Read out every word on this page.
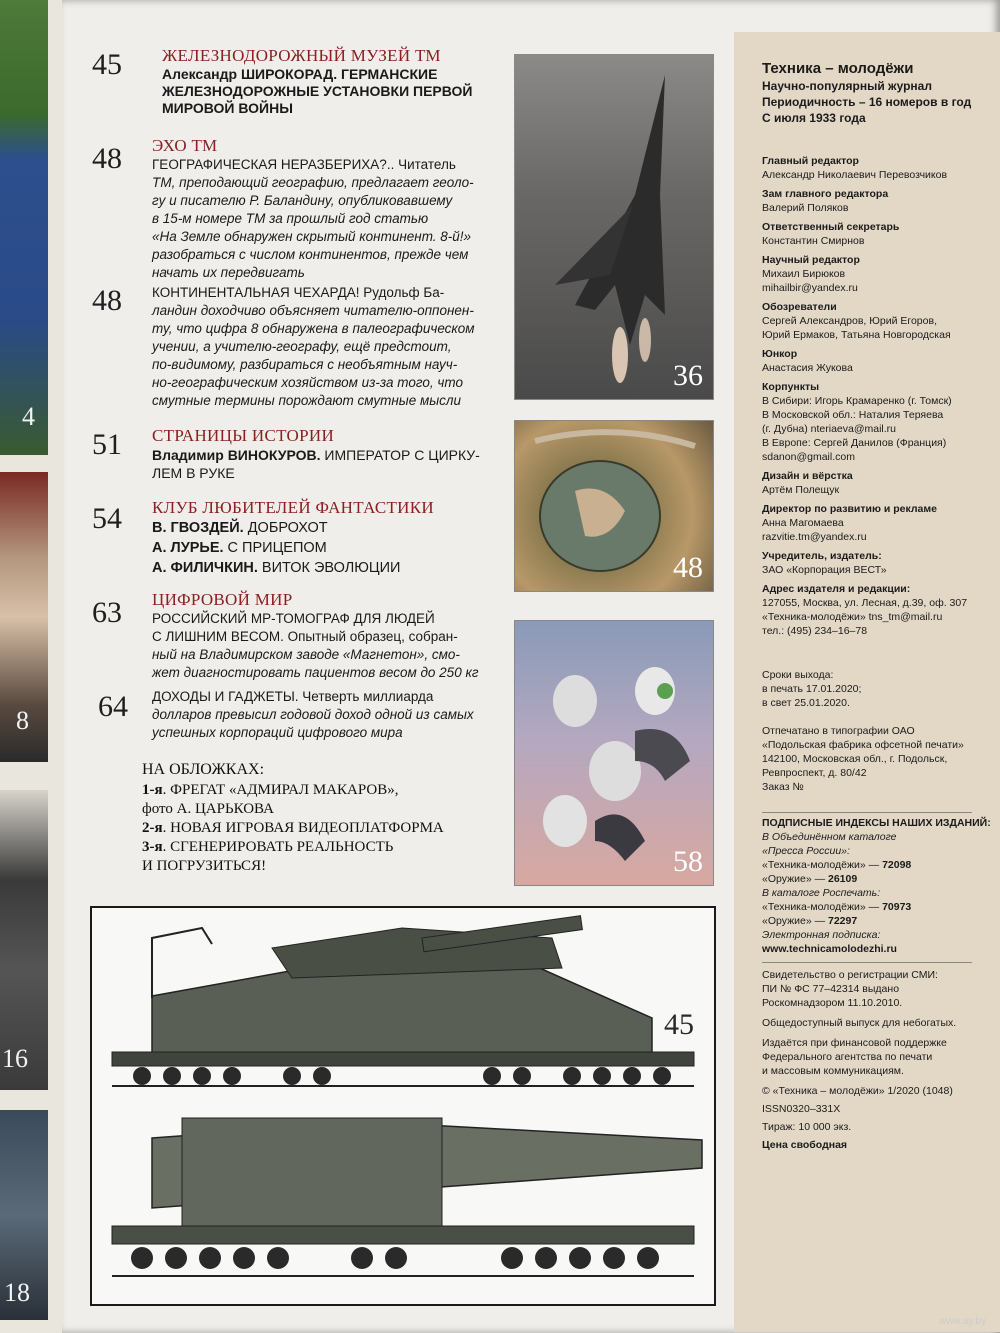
4
8
16
18
45 ЖЕЛЕЗНОДОРОЖНЫЙ МУЗЕЙ ТМ
Александр ШИРОКОРАД. ГЕРМАНСКИЕ
ЖЕЛЕЗНОДОРОЖНЫЕ УСТАНОВКИ ПЕРВОЙ
МИРОВОЙ ВОЙНЫ
48 ЭХО ТМ
ГЕОГРАФИЧЕСКАЯ НЕРАЗБЕРИХА?.. Читатель
ТМ, преподающий географию, предлагает геоло-
гу и писателю Р. Баландину, опубликовавшему
в 15-м номере ТМ за прошлый год статью
«На Земле обнаружен скрытый континент. 8-й!»
разобраться с числом континентов, прежде чем
начать их передвигать
48 КОНТИНЕНТАЛЬНАЯ ЧЕХАРДА! Рудольф Ба-
ландин доходчиво объясняет читателю-оппонен-
ту, что цифра 8 обнаружена в палеографическом
учении, а учителю-географу, ещё предстоит,
по-видимому, разбираться с необъятным науч-
но-географическим хозяйством из-за того, что
смутные термины порождают смутные мысли
51 СТРАНИЦЫ ИСТОРИИ
Владимир ВИНОКУРОВ. ИМПЕРАТОР С ЦИРКУ-
ЛЕМ В РУКЕ
54 КЛУБ ЛЮБИТЕЛЕЙ ФАНТАСТИКИ
В. ГВОЗДЕЙ. ДОБРОХОТ
А. ЛУРЬЕ. С ПРИЦЕПОМ
А. ФИЛИЧКИН. ВИТОК ЭВОЛЮЦИИ
63 ЦИФРОВОЙ МИР
РОССИЙСКИЙ МР-ТОМОГРАФ ДЛЯ ЛЮДЕЙ
С ЛИШНИМ ВЕСОМ. Опытный образец, собран-
ный на Владимирском заводе «Магнетон», смо-
жет диагностировать пациентов весом до 250 кг
64 ДОХОДЫ И ГАДЖЕТЫ. Четверть миллиарда
долларов превысил годовой доход одной из самых
успешных корпораций цифрового мира
НА ОБЛОЖКАХ:
1-я. ФРЕГАТ «АДМИРАЛ МАКАРОВ»,
фото А. ЦАРЬКОВА
2-я. НОВАЯ ИГРОВАЯ ВИДЕОПЛАТФОРМА
3-я. СГЕНЕРИРОВАТЬ РЕАЛЬНОСТЬ
И ПОГРУЗИТЬСЯ!
36
48
58
Техника – молодёжи
Научно-популярный журнал
Периодичность – 16 номеров в год
С июля 1933 года
Главный редактор
Александр Николаевич Перевозчиков
Зам главного редактора
Валерий Поляков
Ответственный секретарь
Константин Смирнов
Научный редактор
Михаил Бирюков
mihailbir@yandex.ru
Обозреватели
Сергей Александров, Юрий Егоров,
Юрий Ермаков, Татьяна Новгородская
Юнкор
Анастасия Жукова
Корпункты
В Сибири: Игорь Крамаренко (г. Томск)
В Московской обл.: Наталия Теряева
(г. Дубна) nteriaeva@mail.ru
В Европе: Сергей Данилов (Франция)
sdanon@gmail.com
Дизайн и вёрстка
Артём Полещук
Директор по развитию и рекламе
Анна Магомаева
razvitie.tm@yandex.ru
Учредитель, издатель:
ЗАО «Корпорация ВЕСТ»
Адрес издателя и редакции:
127055, Москва, ул. Лесная, д.39, оф. 307
«Техника-молодёжи» tns_tm@mail.ru
тел.: (495) 234–16–78
Сроки выхода:
в печать 17.01.2020;
в свет 25.01.2020.
Отпечатано в типографии ОАО
«Подольская фабрика офсетной печати»
142100, Московская обл., г. Подольск,
Ревпроспект, д. 80/42
Заказ №
ПОДПИСНЫЕ ИНДЕКСЫ НАШИХ ИЗДАНИЙ:
В Объединённом каталоге
«Пресса России»:
«Техника-молодёжи» — 72098
«Оружие» — 26109
В каталоге Роспечать:
«Техника-молодёжи» — 70973
«Оружие» — 72297
Электронная подписка:
www.technicamolodezhi.ru
Свидетельство о регистрации СМИ:
ПИ № ФС 77–42314 выдано
Роскомнадзором 11.10.2010.
Общедоступный выпуск для небогатых.
Издаётся при финансовой поддержке
Федерального агентства по печати
и массовым коммуникациям.
© «Техника – молодёжи» 1/2020 (1048)
ISSN0320–331X
Тираж: 10 000 экз.
Цена свободная
45
www.ay.by
